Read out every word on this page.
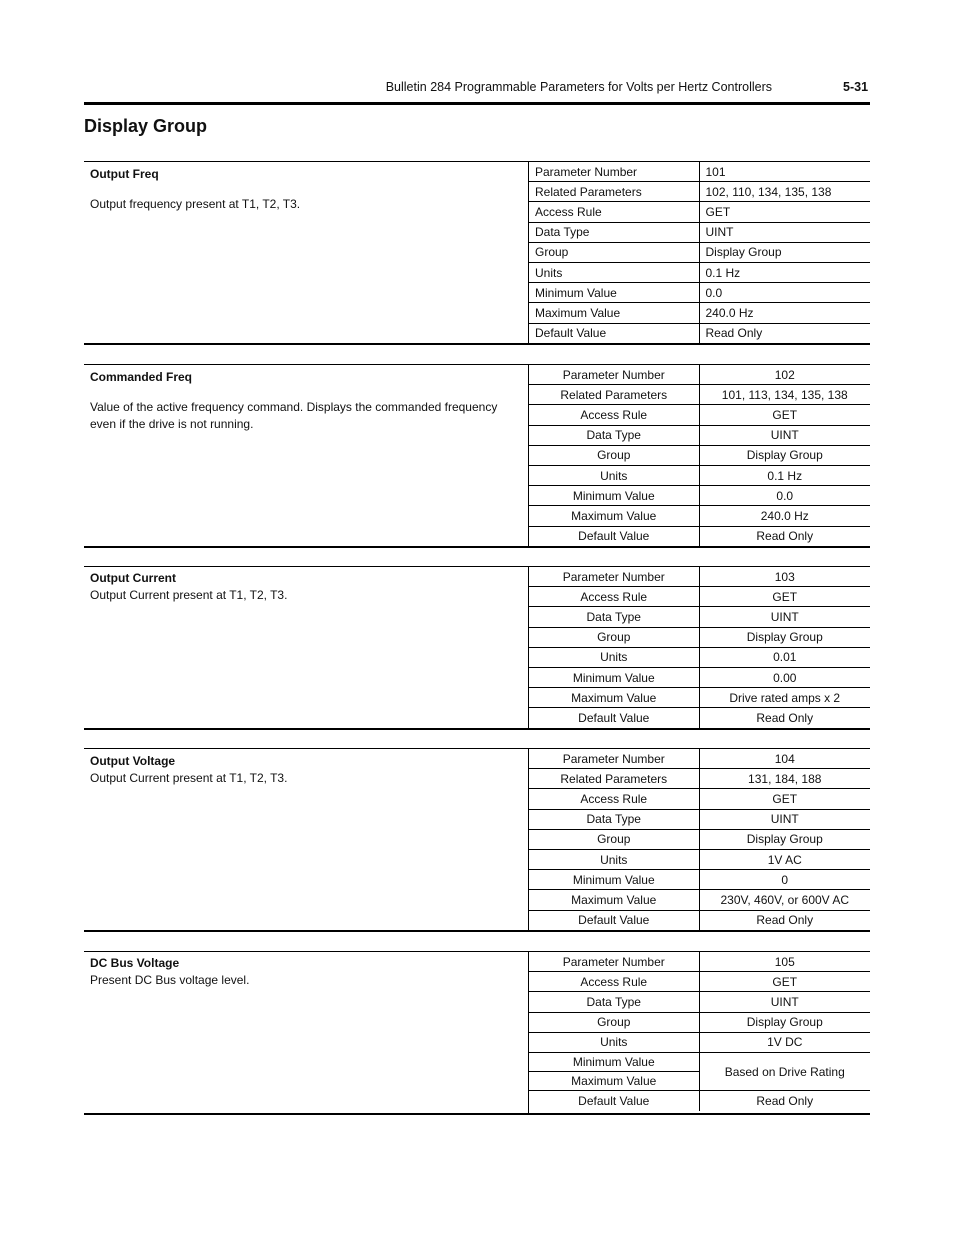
Bulletin 284 Programmable Parameters for Volts per Hertz Controllers	5-31
Display Group
Output Freq
Output frequency present at T1, T2, T3.
Parameter Number	101
Related Parameters	102, 110, 134, 135, 138
Access Rule	GET
Data Type	UINT
Group	Display Group
Units	0.1 Hz
Minimum Value	0.0
Maximum Value	240.0 Hz
Default Value	Read Only
Commanded Freq
Value of the active frequency command. Displays the commanded frequency even if the drive is not running.
Parameter Number	102
Related Parameters	101, 113, 134, 135, 138
Access Rule	GET
Data Type	UINT
Group	Display Group
Units	0.1 Hz
Minimum Value	0.0
Maximum Value	240.0 Hz
Default Value	Read Only
Output Current
Output Current present at T1, T2, T3.
Parameter Number	103
Access Rule	GET
Data Type	UINT
Group	Display Group
Units	0.01
Minimum Value	0.00
Maximum Value	Drive rated amps x 2
Default Value	Read Only
Output Voltage
Output Current present at T1, T2, T3.
Parameter Number	104
Related Parameters	131, 184, 188
Access Rule	GET
Data Type	UINT
Group	Display Group
Units	1V AC
Minimum Value	0
Maximum Value	230V, 460V, or 600V AC
Default Value	Read Only
DC Bus Voltage
Present DC Bus voltage level.
Parameter Number	105
Access Rule	GET
Data Type	UINT
Group	Display Group
Units	1V DC
Minimum Value	Based on Drive Rating
Maximum Value	
Default Value	Read Only
